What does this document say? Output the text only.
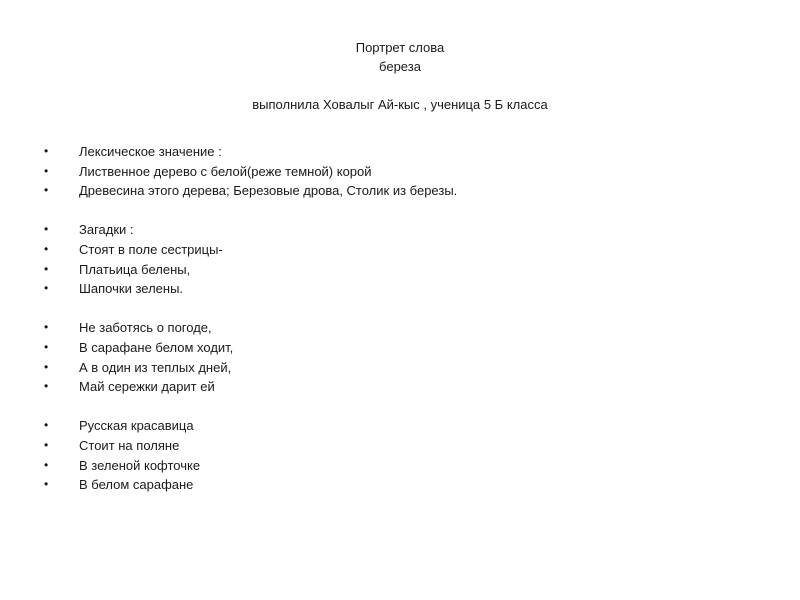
Портрет слова
береза
выполнила Ховалыг Ай-кыс , ученица 5 Б класса
• Лексическое значение :
• Лиственное дерево с белой(реже темной) корой
• Древесина этого дерева; Березовые дрова, Столик из березы.
• Загадки :
• Стоят в поле сестрицы-
• Платьица белены,
• Шапочки зелены.
• Не заботясь о погоде,
• В сарафане белом ходит,
• А в один из теплых дней,
• Май сережки дарит ей
• Русская красавица
• Стоит на поляне
• В зеленой кофточке
• В белом сарафане
